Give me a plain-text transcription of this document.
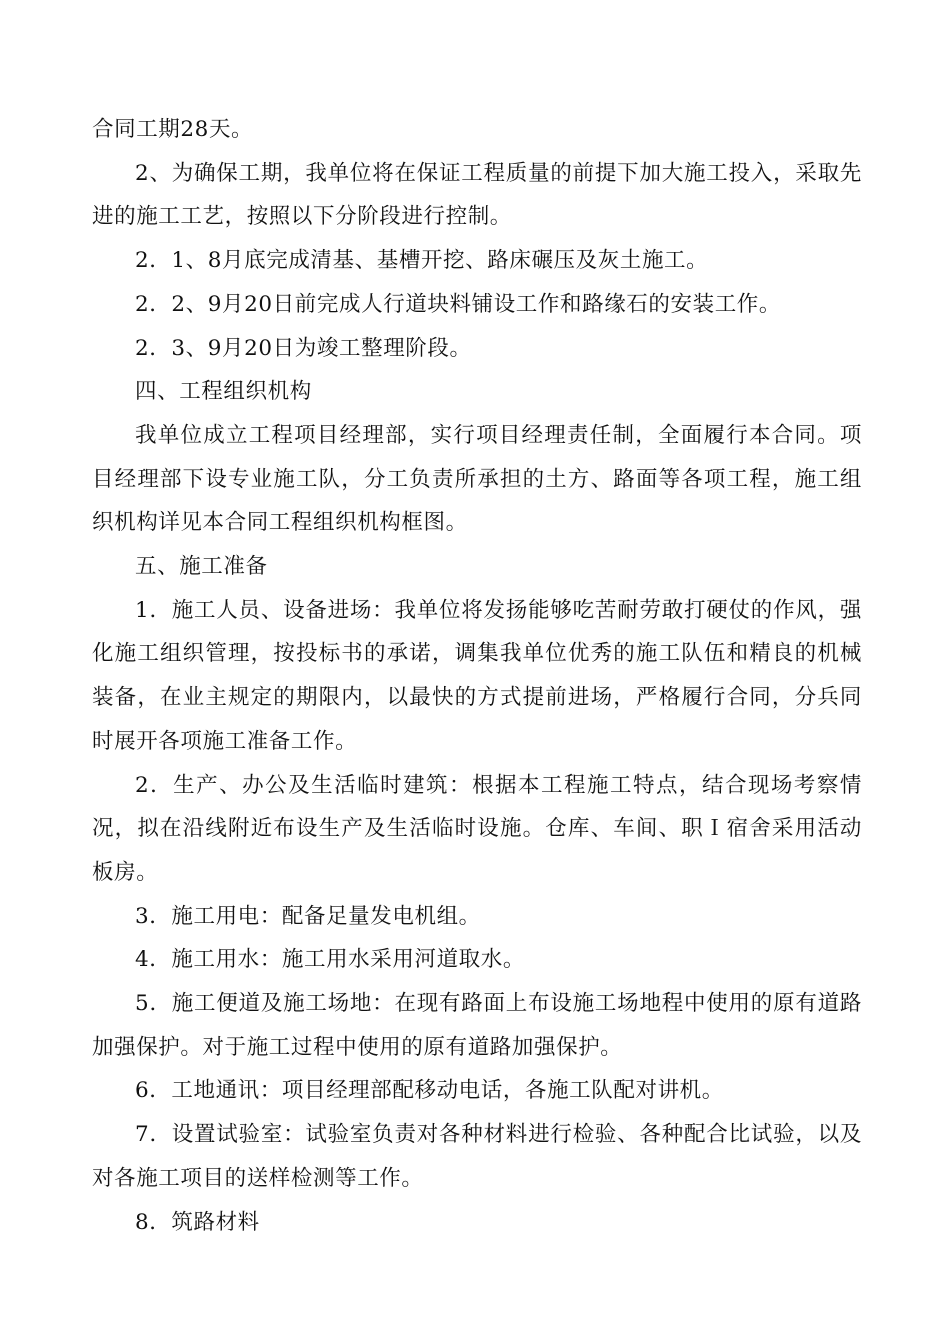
合同工期28天。

2、为确保工期，我单位将在保证工程质量的前提下加大施工投入，采取先进的施工工艺，按照以下分阶段进行控制。

2．1、8月底完成清基、基槽开挖、路床碾压及灰土施工。

2．2、9月20日前完成人行道块料铺设工作和路缘石的安装工作。

2．3、9月20日为竣工整理阶段。

四、工程组织机构

我单位成立工程项目经理部，实行项目经理责任制，全面履行本合同。项目经理部下设专业施工队，分工负责所承担的土方、路面等各项工程，施工组织机构详见本合同工程组织机构框图。

五、施工准备

1．施工人员、设备进场：我单位将发扬能够吃苦耐劳敢打硬仗的作风，强化施工组织管理，按投标书的承诺，调集我单位优秀的施工队伍和精良的机械装备，在业主规定的期限内，以最快的方式提前进场，严格履行合同，分兵同时展开各项施工准备工作。

2．生产、办公及生活临时建筑：根据本工程施工特点，结合现场考察情况，拟在沿线附近布设生产及生活临时设施。仓库、车间、职Ｉ宿舍采用活动板房。

3．施工用电：配备足量发电机组。

4．施工用水：施工用水采用河道取水。

5．施工便道及施工场地：在现有路面上布设施工场地程中使用的原有道路加强保护。对于施工过程中使用的原有道路加强保护。

6．工地通讯：项目经理部配移动电话，各施工队配对讲机。

7．设置试验室：试验室负责对各种材料进行检验、各种配合比试验，以及对各施工项目的送样检测等工作。

8．筑路材料
